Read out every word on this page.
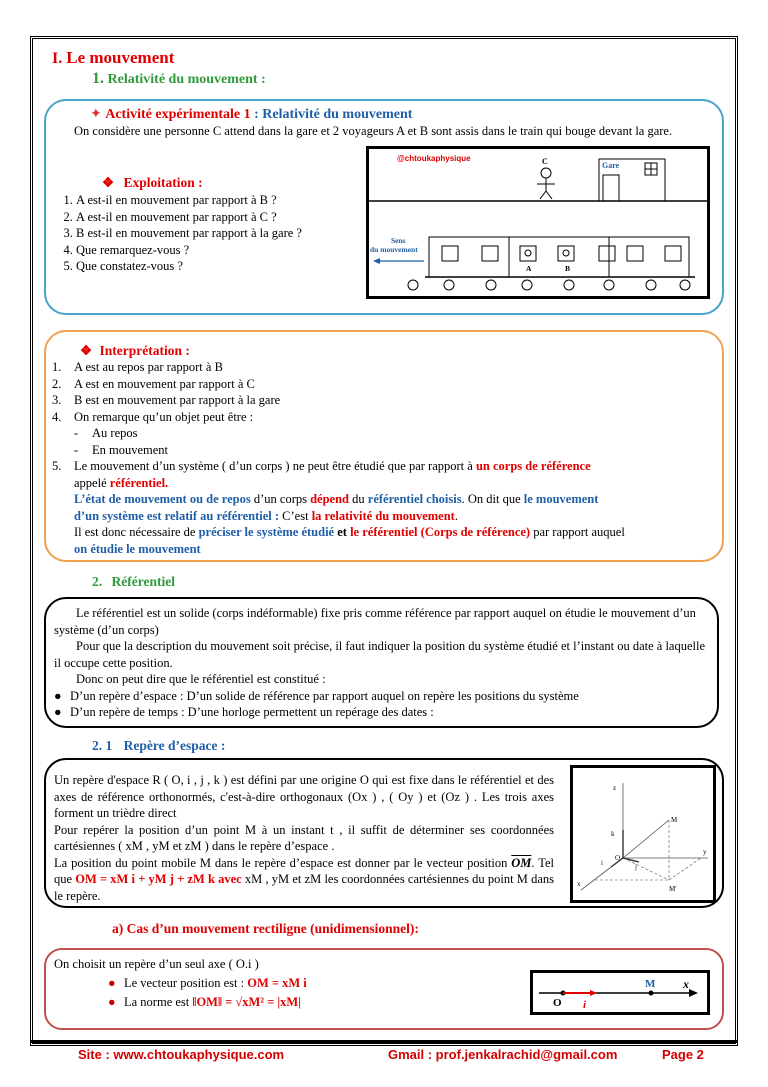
I. Le mouvement
1. Relativité du mouvement :
✦ Activité expérimentale 1 : Relativité du mouvement
On considère une personne C attend dans la gare et 2 voyageurs A et B sont assis dans le train qui bouge devant la gare.
❖ Exploitation :
1. A est-il en mouvement par rapport à B ?
2. A est-il en mouvement par rapport à C ?
3. B est-il en mouvement par rapport à la gare ?
4. Que remarquez-vous ?
5. Que constatez-vous ?
@chtoukaphysique	C	Gare
Sens
du mouvement
A	B
❖ Interprétation :
1. A est au repos par rapport à B
2. A est en mouvement par rapport à C
3. B est en mouvement par rapport à la gare
4. On remarque qu’un objet peut être :
- Au repos
- En mouvement
5. Le mouvement d’un système ( d’un corps ) ne peut être étudié que par rapport à un corps de référence
appelé référentiel.
L’état de mouvement ou de repos d’un corps dépend du référentiel choisis. On dit que le mouvement
d’un système est relatif au référentiel : C’est la relativité du mouvement.
Il est donc nécessaire de préciser le système étudié et le référentiel (Corps de référence) par rapport auquel
on étudie le mouvement
2. Référentiel
Le référentiel est un solide (corps indéformable) fixe pris comme référence par rapport auquel on étudie le mouvement d’un système (d’un corps)
Pour que la description du mouvement soit précise, il faut indiquer la position du système étudié et l’instant ou date à laquelle il occupe cette position.
Donc on peut dire que le référentiel est constitué :
● D’un repère d’espace : D’un solide de référence par rapport auquel on repère les positions du système
● D’un repère de temps : D’une horloge permettent un repérage des dates :
2. 1 Repère d’espace :
Un repère d'espace R ( O, i , j , k ) est défini par une origine O qui est fixe dans le référentiel et des axes de référence orthonormés, c'est-à-dire orthogonaux (Ox ) , ( Oy ) et (Oz ) . Les trois axes forment un trièdre direct
Pour repérer la position d’un point M à un instant t , il suffit de déterminer ses coordonnées cartésiennes ( xM , yM et zM ) dans le repère d’espace .
La position du point mobile M dans le repère d’espace est donner par le vecteur position $\overline{OM}$. Tel que OM = xM i + yM j + zM k avec xM , yM et zM les coordonnées cartésiennes du point M dans le repère.
z
y
x
O
M
M'
i	j
k
a) Cas d’un mouvement rectiligne (unidimensionnel):
On choisit un repère d’un seul axe ( O.i )
● Le vecteur position est : OM = xM i
● La norme est ‖OM‖ = √xM² = |xM|	O
M x
i
Site : www.chtoukaphysique.com	Gmail : prof.jenkalrachid@gmail.com	Page 2
